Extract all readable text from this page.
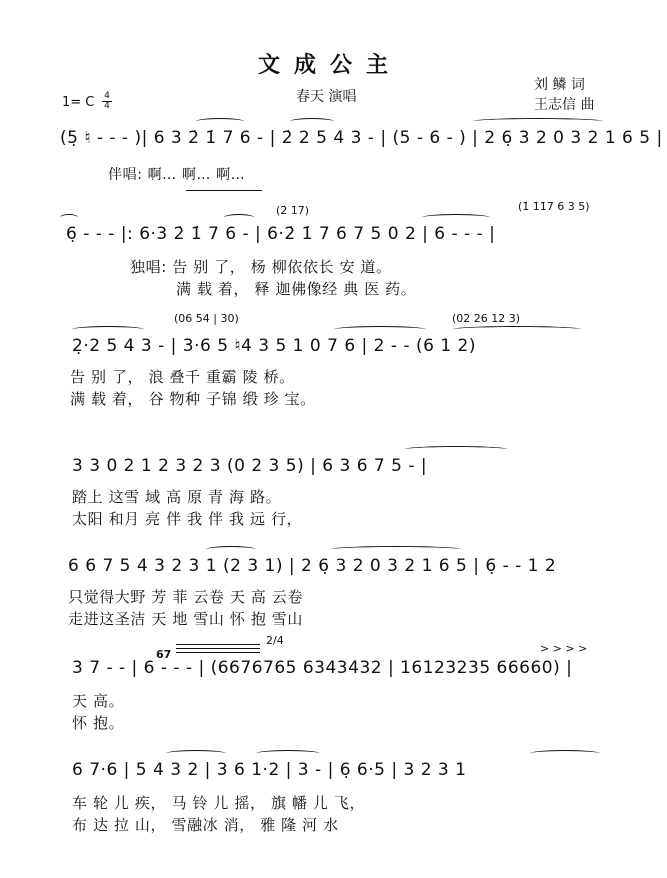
文成公主
春天 演唱
刘 鳞 词
王志信 曲
1= C $\frac{4}{4}$
(5̣ ♮ - - - )| 6 3 2̇ 1̇ 7 6 - | 2̇ 2 5 4 3 - | (5 - 6 - ) | 2 6̣ 3 2 0 3 2 1 6 5 |
伴唱: 啊… 啊… 啊…
(2̇ 1̇7)	(1̇ 1̇1̇7 6 3 5)
6̣ - - - |: 6·3 2̇ 1̇ 7 6 - | 6·2̇ 1̇ 7 6 7 5 0 2 | 6 - - - |
独唱: 告 别 了， 杨 柳依依长 安 道。
满 载 着， 释 迦佛像经 典 医 药。
(06 54 | 30)	(02 26 12 3)
2̣·2 5 4 3 - | 3·6 5 ♮4 3 5 1 0 7 6 | 2 - - (6 1 2)
告 别 了， 浪 叠千 重霸 陵 桥。
满 载 着， 谷 物种 子锦 缎 珍 宝。
3 3 0 2 1 2 3 2 3 (0 2 3 5) | 6 3 6 7 5 - |
踏上 这雪 域 高 原 青 海 路。
太阳 和月 亮 伴 我 伴 我 远 行，
6 6 7 5 4 3 2 3 1 (2 3 1) | 2 6̣ 3 2 0 3 2 1 6 5 | 6̣ - - 1 2
只觉得大野 芳 菲 云卷 天 高 云卷
走进这圣洁 天 地 雪山 怀 抱 雪山
2/4
67	> > > >
3 7 - - | 6 - - - | (6676765 6343432 | 16123235 66660) |
天 高。
怀 抱。
6 7·6 | 5 4 3 2 | 3 6 1·2 | 3 - | 6̣ 6·5 | 3 2 3 1
车 轮 儿 疾， 马 铃 儿 摇， 旗 幡 儿 飞，
布 达 拉 山， 雪融冰 消， 雅 隆 河 水
